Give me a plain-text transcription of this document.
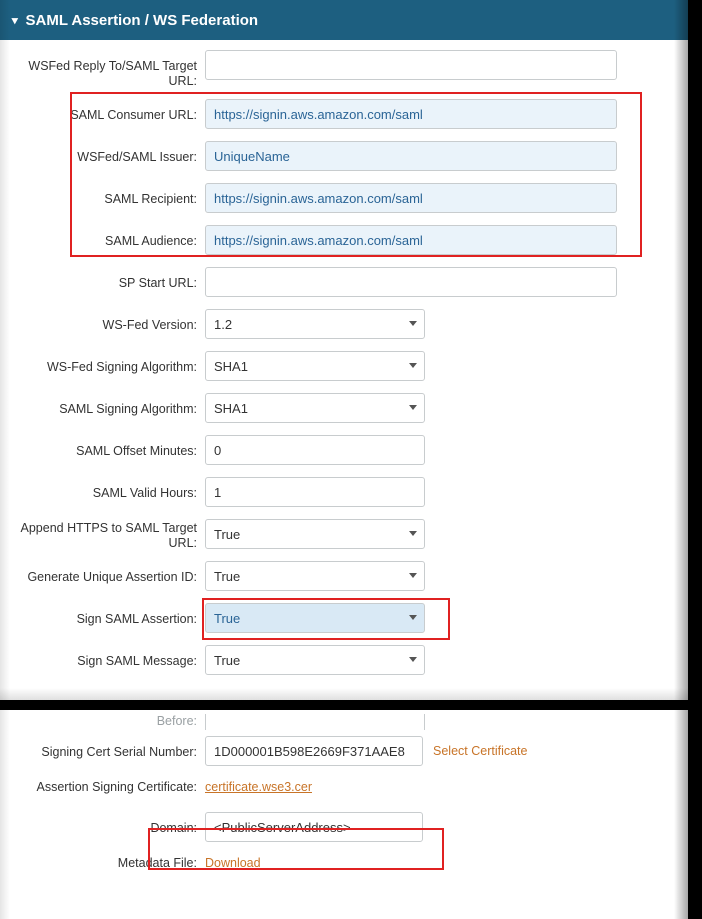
▾ SAML Assertion / WS Federation
WSFed Reply To/SAML Target URL:
SAML Consumer URL:
https://signin.aws.amazon.com/saml
WSFed/SAML Issuer:
UniqueName
SAML Recipient:
https://signin.aws.amazon.com/saml
SAML Audience:
https://signin.aws.amazon.com/saml
SP Start URL:
WS-Fed Version:
1.2
WS-Fed Signing Algorithm:
SHA1
SAML Signing Algorithm:
SHA1
SAML Offset Minutes:
0
SAML Valid Hours:
1
Append HTTPS to SAML Target URL:
True
Generate Unique Assertion ID:
True
Sign SAML Assertion:
True
Sign SAML Message:
True
Before:
Signing Cert Serial Number:
1D000001B598E2669F371AAE8	Select Certificate
Assertion Signing Certificate: certificate.wse3.cer
Domain:
<PublicServerAddress>
Metadata File: Download
